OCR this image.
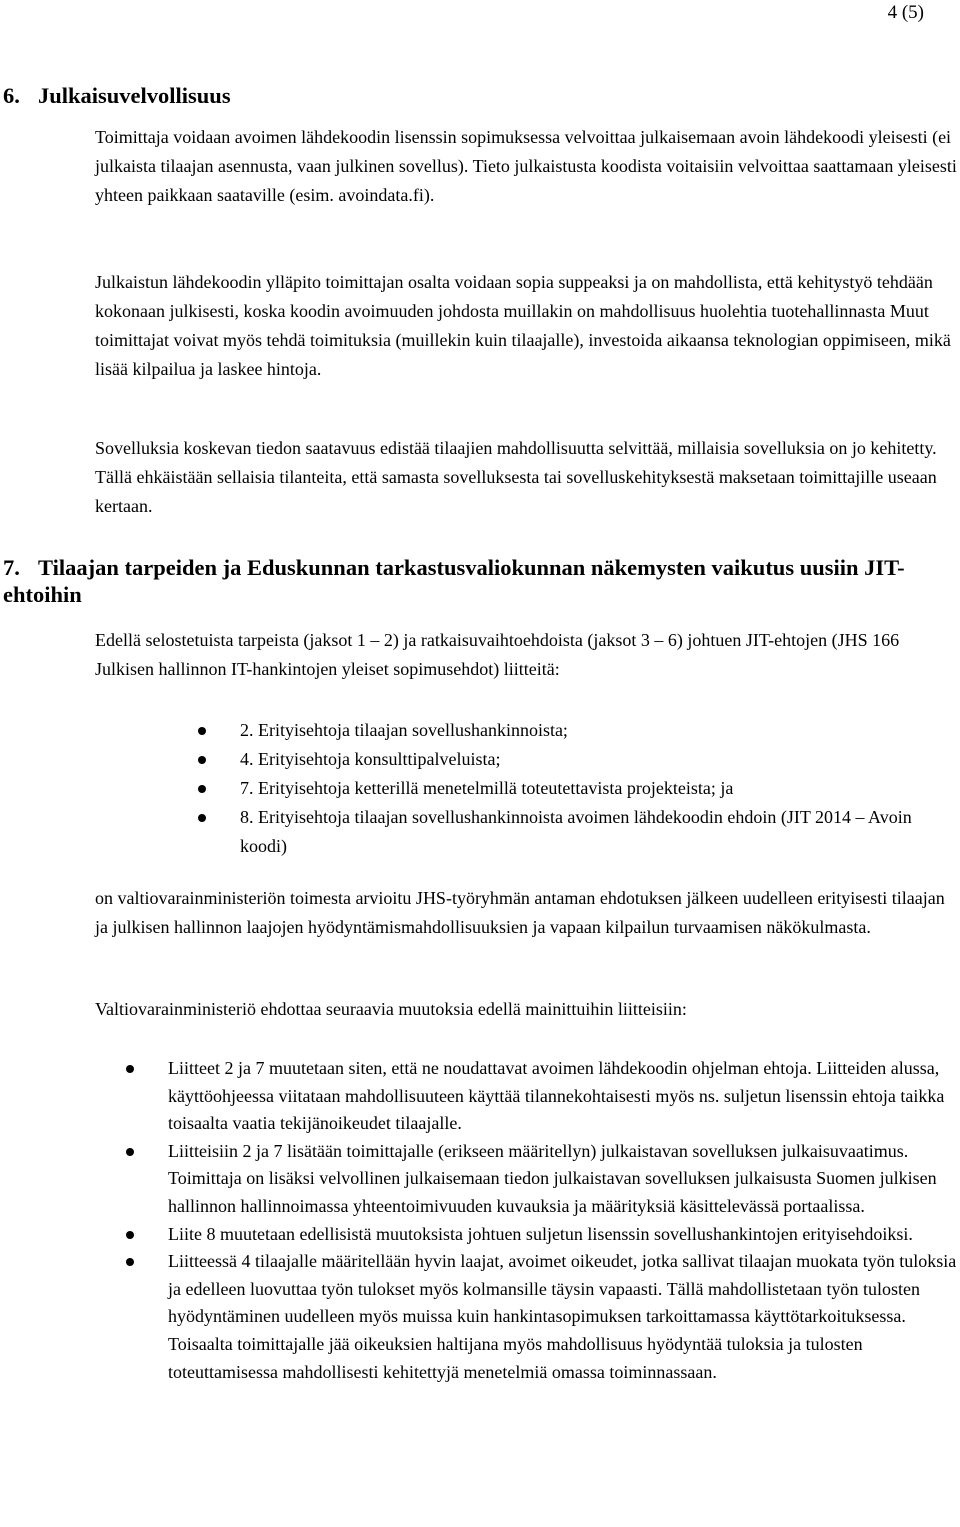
4 (5)
6. Julkaisuvelvollisuus

Toimittaja voidaan avoimen lähdekoodin lisenssin sopimuksessa velvoittaa julkaisemaan avoin lähdekoodi yleisesti (ei julkaista tilaajan asennusta, vaan julkinen sovellus). Tieto julkaistusta koodista voitaisiin velvoittaa saattamaan yleisesti yhteen paikkaan saataville (esim. avoindata.fi).

Julkaistun lähdekoodin ylläpito toimittajan osalta voidaan sopia suppeaksi ja on mahdollista, että kehitystyö tehdään kokonaan julkisesti, koska koodin avoimuuden johdosta muillakin on mahdollisuus huolehtia tuotehallinnasta Muut toimittajat voivat myös tehdä toimituksia (muillekin kuin tilaajalle), investoida aikaansa teknologian oppimiseen, mikä lisää kilpailua ja laskee hintoja.

Sovelluksia koskevan tiedon saatavuus edistää tilaajien mahdollisuutta selvittää, millaisia sovelluksia on jo kehitetty. Tällä ehkäistään sellaisia tilanteita, että samasta sovelluksesta tai sovelluskehityksestä maksetaan toimittajille useaan kertaan.

7. Tilaajan tarpeiden ja Eduskunnan tarkastusvaliokunnan näkemysten vaikutus uusiin JIT-ehtoihin

Edellä selostetuista tarpeista (jaksot 1 – 2) ja ratkaisuvaihtoehdoista (jaksot 3 – 6) johtuen JIT-ehtojen (JHS 166 Julkisen hallinnon IT-hankintojen yleiset sopimusehdot) liitteitä:

2. Erityisehtoja tilaajan sovellushankinnoista;
4. Erityisehtoja konsulttipalveluista;
7. Erityisehtoja ketterillä menetelmillä toteutettavista projekteista; ja
8. Erityisehtoja tilaajan sovellushankinnoista avoimen lähdekoodin ehdoin (JIT 2014 – Avoin koodi)

on valtiovarainministeriön toimesta arvioitu JHS-työryhmän antaman ehdotuksen jälkeen uudelleen erityisesti tilaajan ja julkisen hallinnon laajojen hyödyntämismahdollisuuksien ja vapaan kilpailun turvaamisen näkökulmasta.

Valtiovarainministeriö ehdottaa seuraavia muutoksia edellä mainittuihin liitteisiin:

Liitteet 2 ja 7 muutetaan siten, että ne noudattavat avoimen lähdekoodin ohjelman ehtoja. Liitteiden alussa, käyttöohjeessa viitataan mahdollisuuteen käyttää tilannekohtaisesti myös ns. suljetun lisenssin ehtoja taikka toisaalta vaatia tekijänoikeudet tilaajalle.
Liitteisiin 2 ja 7 lisätään toimittajalle (erikseen määritellyn) julkaistavan sovelluksen julkaisuvaatimus. Toimittaja on lisäksi velvollinen julkaisemaan tiedon julkaistavan sovelluksen julkaisusta Suomen julkisen hallinnon hallinnoimassa yhteentoimivuuden kuvauksia ja määrityksiä käsittelevässä portaalissa.
Liite 8 muutetaan edellisistä muutoksista johtuen suljetun lisenssin sovellushankintojen erityisehdoiksi.
Liitteessä 4 tilaajalle määritellään hyvin laajat, avoimet oikeudet, jotka sallivat tilaajan muokata työn tuloksia ja edelleen luovuttaa työn tulokset myös kolmansille täysin vapaasti. Tällä mahdollistetaan työn tulosten hyödyntäminen uudelleen myös muissa kuin hankintasopimuksen tarkoittamassa käyttötarkoituksessa. Toisaalta toimittajalle jää oikeuksien haltijana myös mahdollisuus hyödyntää tuloksia ja tulosten toteuttamisessa mahdollisesti kehitettyjä menetelmiä omassa toiminnassaan.
